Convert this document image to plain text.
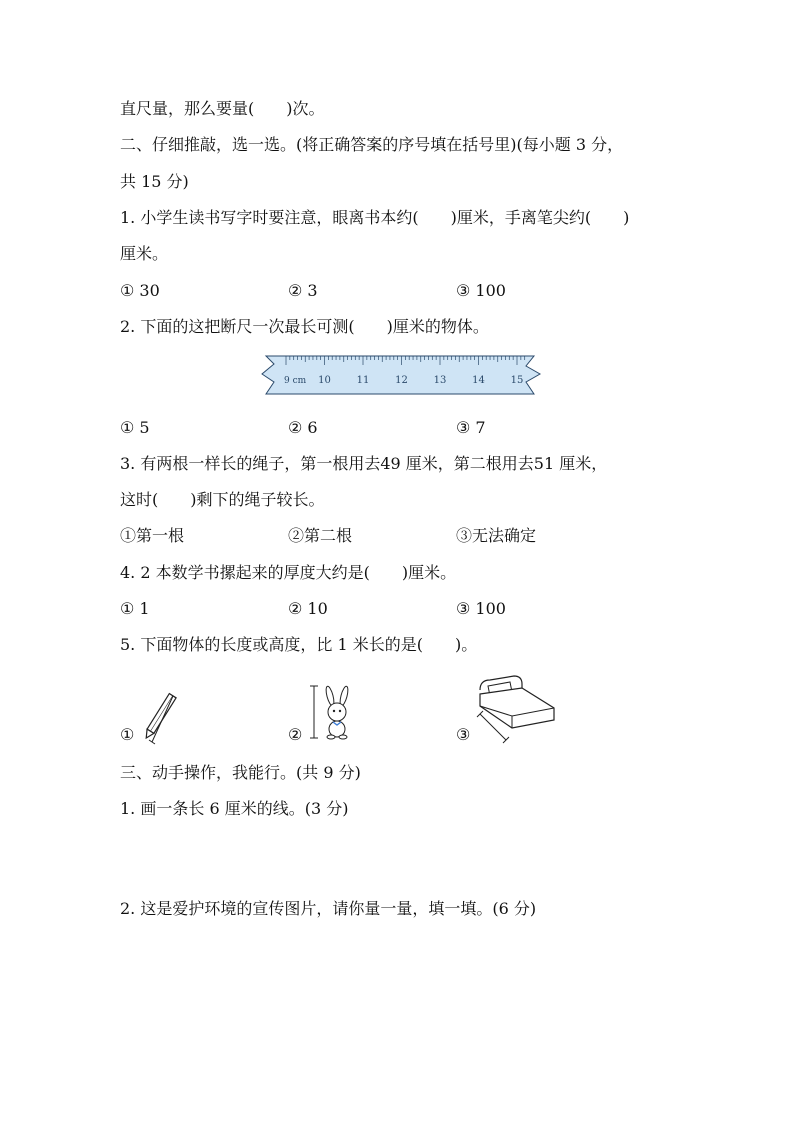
直尺量，那么要量(　　)次。
二、仔细推敲，选一选。(将正确答案的序号填在括号里)(每小题 3 分，
共 15 分)
1. 小学生读书写字时要注意，眼离书本约(　　)厘米，手离笔尖约(　　)
厘米。
① 30	② 3	③ 100
2. 下面的这把断尺一次最长可测(　　)厘米的物体。
9 cm 10	11	12	13	14	15
① 5	② 6	③ 7
3. 有两根一样长的绳子，第一根用去49 厘米，第二根用去51 厘米，
这时(　　)剩下的绳子较长。
①第一根	②第二根	③无法确定
4. 2 本数学书摞起来的厚度大约是(　　)厘米。
① 1	② 10	③ 100
5. 下面物体的长度或高度，比 1 米长的是(　　)。
①	②	③
三、动手操作，我能行。(共 9 分)
1. 画一条长 6 厘米的线。(3 分)
2. 这是爱护环境的宣传图片，请你量一量，填一填。(6 分)
